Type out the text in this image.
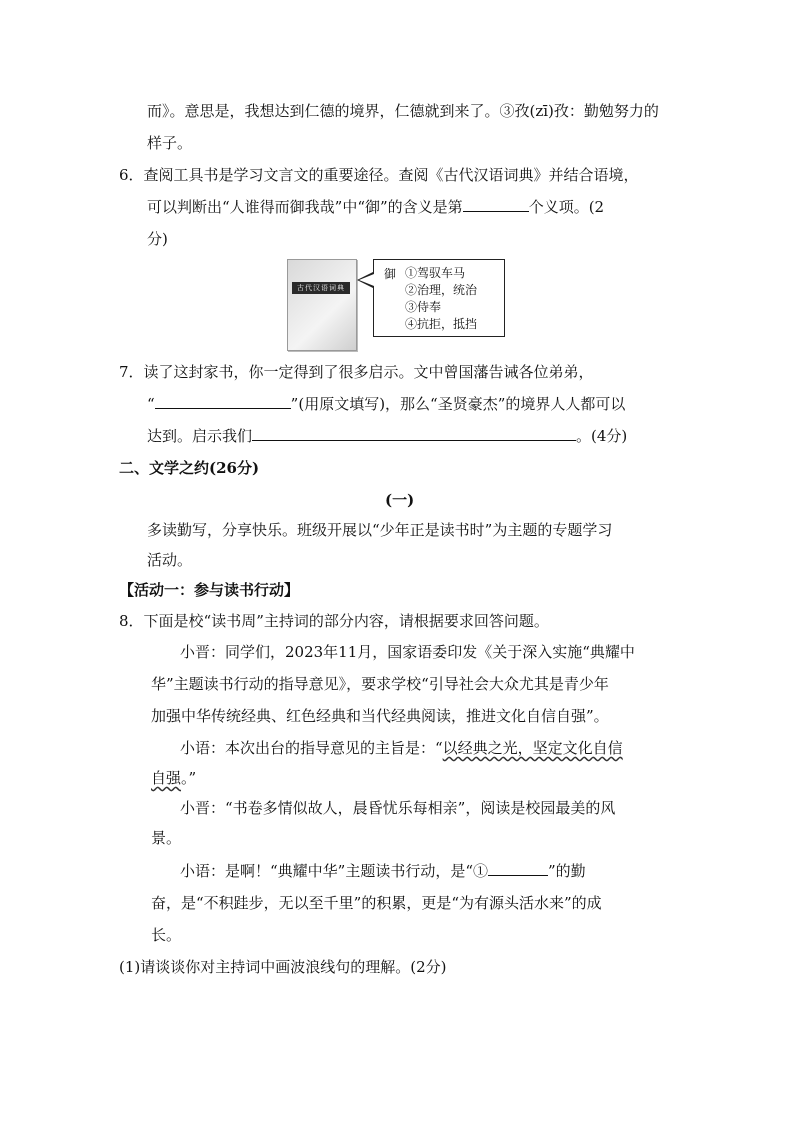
而》。意思是，我想达到仁德的境界，仁德就到来了。③孜(zī)孜：勤勉努力的
样子。
6．查阅工具书是学习文言文的重要途径。查阅《古代汉语词典》并结合语境，
可以判断出“人谁得而御我哉”中“御”的含义是第	个义项。(2
分)
古代汉语词典
御 ①驾驭车马
②治理，统治
③侍奉
④抗拒，抵挡
7．读了这封家书，你一定得到了很多启示。文中曾国藩告诫各位弟弟，
“	”(用原文填写)，那么“圣贤豪杰”的境界人人都可以
达到。启示我们	。(4分)
二、文学之约(26分)
(一)
多读勤写，分享快乐。班级开展以“少年正是读书时”为主题的专题学习
活动。
【活动一：参与读书行动】
8．下面是校“读书周”主持词的部分内容，请根据要求回答问题。
小晋：同学们，2023年11月，国家语委印发《关于深入实施“典耀中
华”主题读书行动的指导意见》，要求学校“引导社会大众尤其是青少年
加强中华传统经典、红色经典和当代经典阅读，推进文化自信自强”。
小语：本次出台的指导意见的主旨是：“以经典之光，坚定文化自信
自强。”
小晋：“书卷多情似故人，晨昏忧乐每相亲”，阅读是校园最美的风
景。
小语：是啊！“典耀中华”主题读书行动，是“①	”的勤
奋，是“不积跬步，无以至千里”的积累，更是“为有源头活水来”的成
长。
(1)请谈谈你对主持词中画波浪线句的理解。(2分)
